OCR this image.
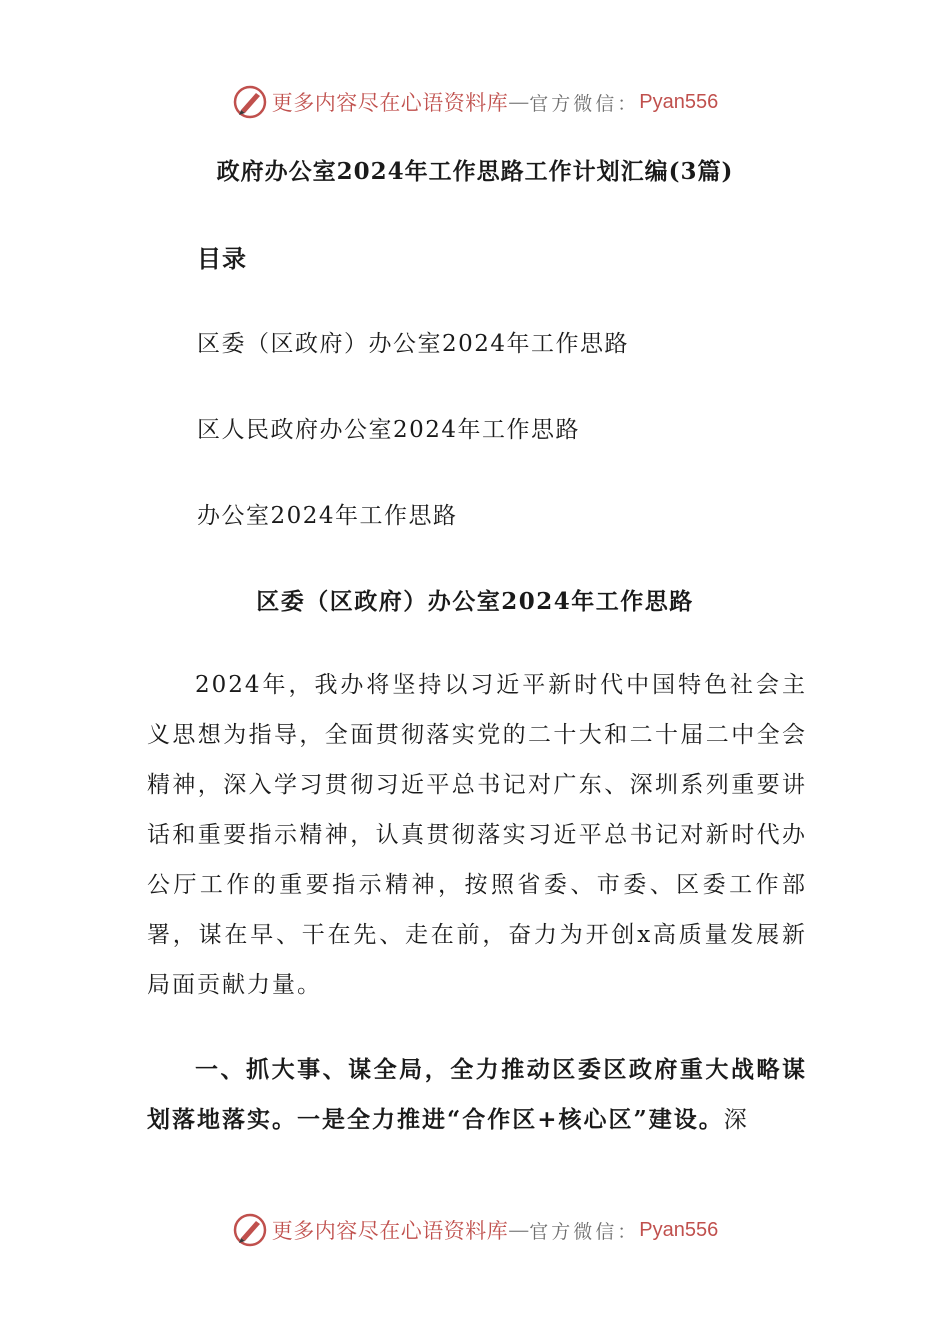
更多内容尽在心语资料库 — 官方微信： Pyan556
政府办公室2024年工作思路工作计划汇编(3篇)
目录
区委（区政府）办公室2024年工作思路
区人民政府办公室2024年工作思路
办公室2024年工作思路
区委（区政府）办公室2024年工作思路

2024年，我办将坚持以习近平新时代中国特色社会主义思想为指导，全面贯彻落实党的二十大和二十届二中全会精神，深入学习贯彻习近平总书记对广东、深圳系列重要讲话和重要指示精神，认真贯彻落实习近平总书记对新时代办公厅工作的重要指示精神，按照省委、市委、区委工作部署，谋在早、干在先、走在前，奋力为开创x高质量发展新局面贡献力量。

一、抓大事、谋全局，全力推动区委区政府重大战略谋划落地落实。一是全力推进“合作区+核心区”建设。深

更多内容尽在心语资料库 — 官方微信： Pyan556
